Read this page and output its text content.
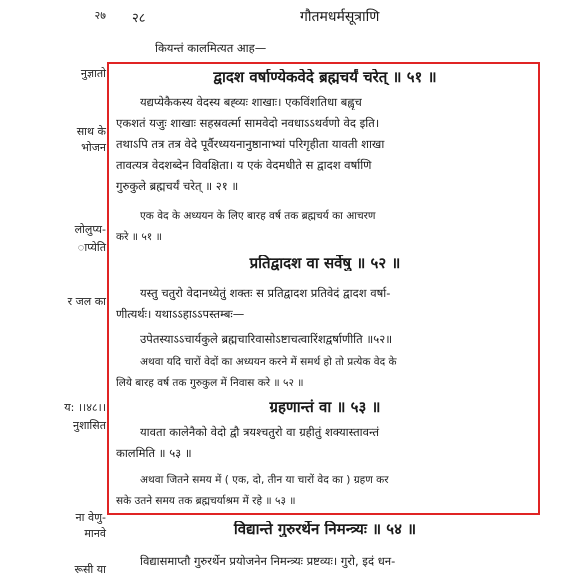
२७
नुज्ञातो
साथ के
भोजन
लोलुप्य-
ाप्येति
र जल का
य: ।।४८।।
नुशासित
ना वेणु-
मानवे
रूसी या
२८	गौतमधर्मसूत्राणि
कियन्तं कालमित्यत आह—
द्वादश वर्षाण्येकवेदे ब्रह्मचर्यं चरेत् ॥ ५१ ॥
यद्यप्येकैकस्य वेदस्य बह्व्यः शाखाः। एकविंशतिधा बह्वृच
एकशतं यजुः शाखाः सहस्रवर्त्मा सामवेदो नवधाऽऽथर्वणो वेद इति।
तथाऽपि तत्र तत्र वेदे पूर्वैरध्ययनानुष्ठानाभ्यां परिगृहीता यावती शाखा
तावत्यत्र वेदशब्देन विवक्षिता। य एकं वेदमधीते स द्वादश वर्षाणि
गुरुकुले ब्रह्मचर्यं चरेत् ॥ २१ ॥
एक वेद के अध्ययन के लिए बारह वर्ष तक ब्रह्मचर्य का आचरण
करे ॥ ५१ ॥
प्रतिद्वादश वा सर्वेषु ॥ ५२ ॥
यस्तु चतुरो वेदानध्येतुं शक्तः स प्रतिद्वादश प्रतिवेदं द्वादश वर्षा-
णीत्यर्थः। यथाऽऽहाऽऽपस्तम्बः—
उपेतस्याऽऽचार्यकुले ब्रह्मचारिवासोऽष्टाचत्वारिंशद्वर्षाणीति ॥५२॥
अथवा यदि चारों वेदों का अध्ययन करने में समर्थ हो तो प्रत्येक वेद के
लिये बारह वर्ष तक गुरुकुल में निवास करे ॥ ५२ ॥
ग्रहणान्तं वा ॥ ५३ ॥
यावता कालेनैको वेदो द्वौ त्रयश्चतुरो वा ग्रहीतुं शक्यास्तावन्तं
कालमिति ॥ ५३ ॥
अथवा जितने समय में ( एक, दो, तीन या चारों वेद का ) ग्रहण कर
सके उतने समय तक ब्रह्मचर्याश्रम में रहे ॥ ५३ ॥
विद्यान्ते गुरुरर्थेन निमन्त्र्यः ॥ ५४ ॥
विद्यासमाप्तौ गुरुरर्थेन प्रयोजनेन निमन्त्र्यः प्रष्टव्यः। गुरो, इदं धन-
